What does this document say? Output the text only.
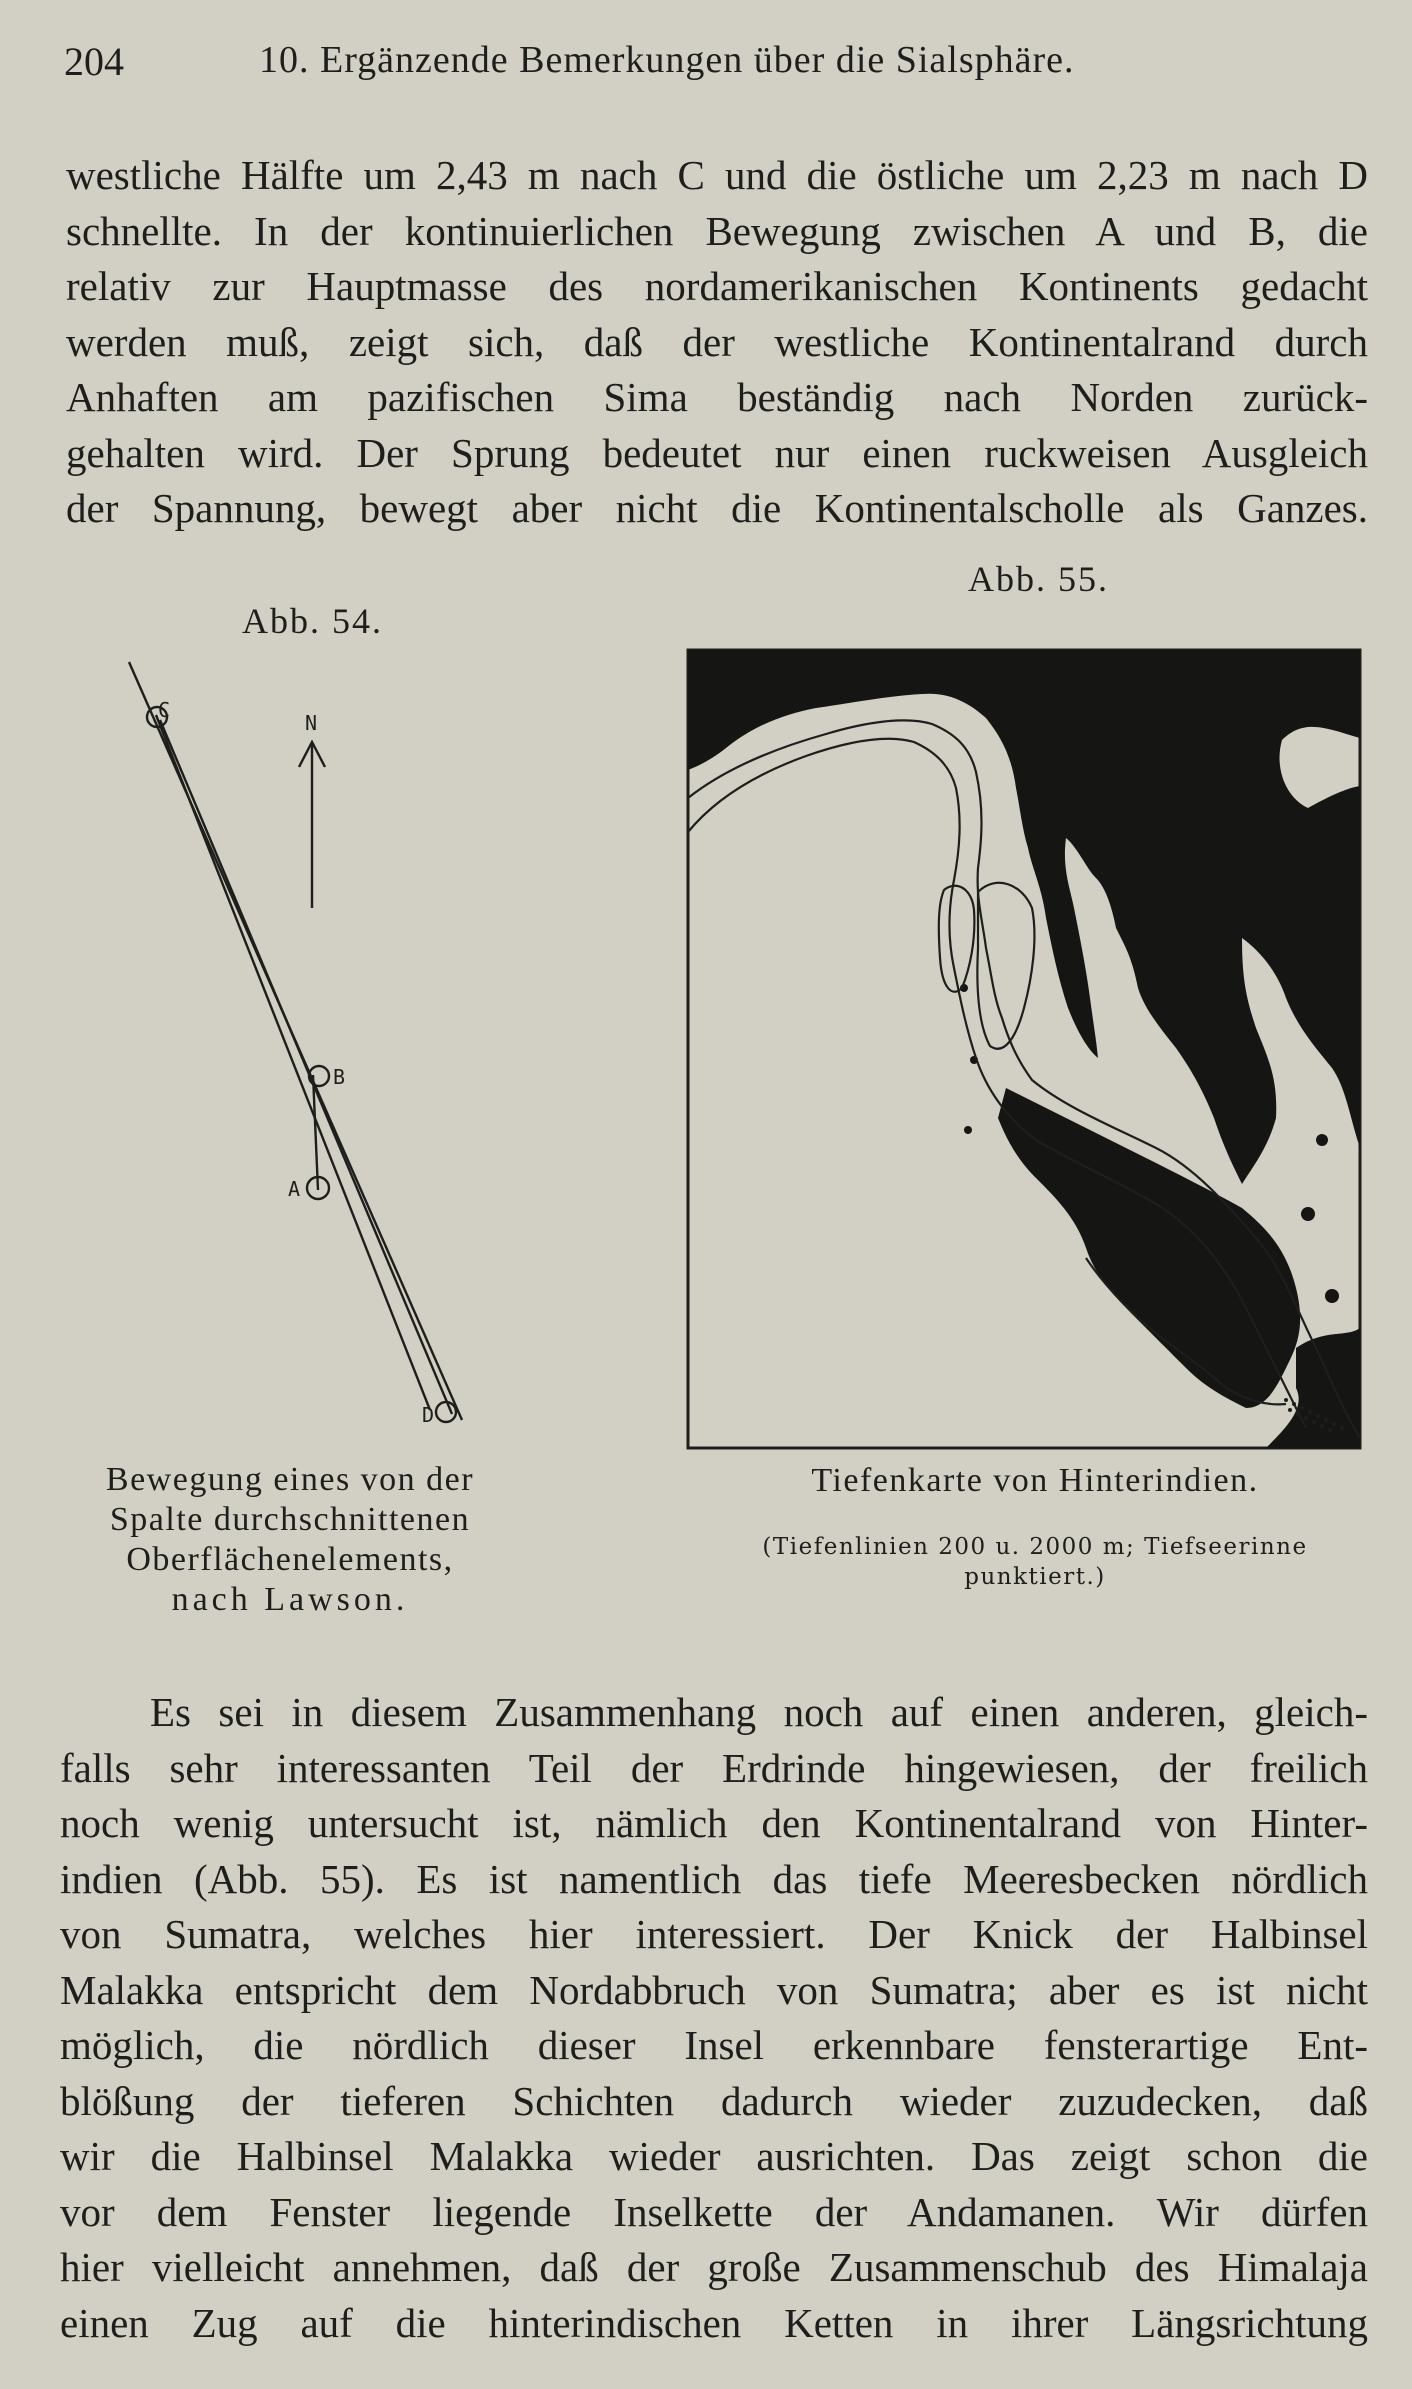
204	10. Ergänzende Bemerkungen über die Sialsphäre.
westliche Hälfte um 2,43 m nach C und die östliche um 2,23 m nach D
schnellte. In der kontinuierlichen Bewegung zwischen A und B, die
relativ zur Hauptmasse des nordamerikanischen Kontinents gedacht
werden muß, zeigt sich, daß der westliche Kontinentalrand durch
Anhaften am pazifischen Sima beständig nach Norden zurück-
gehalten wird. Der Sprung bedeutet nur einen ruckweisen Ausgleich
der Spannung, bewegt aber nicht die Kontinentalscholle als Ganzes.
Abb. 54.
Abb. 55.
C
N
B
A
D
Bewegung eines von der
Spalte durchschnittenen
Oberflächenelements,
nach Lawson.
Tiefenkarte von Hinterindien.
(Tiefenlinien 200 u. 2000 m; Tiefseerinne punktiert.)
Es sei in diesem Zusammenhang noch auf einen anderen, gleich-
falls sehr interessanten Teil der Erdrinde hingewiesen, der freilich
noch wenig untersucht ist, nämlich den Kontinentalrand von Hinter-
indien (Abb. 55). Es ist namentlich das tiefe Meeresbecken nördlich
von Sumatra, welches hier interessiert. Der Knick der Halbinsel
Malakka entspricht dem Nordabbruch von Sumatra; aber es ist nicht
möglich, die nördlich dieser Insel erkennbare fensterartige Ent-
blößung der tieferen Schichten dadurch wieder zuzudecken, daß
wir die Halbinsel Malakka wieder ausrichten. Das zeigt schon die
vor dem Fenster liegende Inselkette der Andamanen. Wir dürfen
hier vielleicht annehmen, daß der große Zusammenschub des Himalaja
einen Zug auf die hinterindischen Ketten in ihrer Längsrichtung
